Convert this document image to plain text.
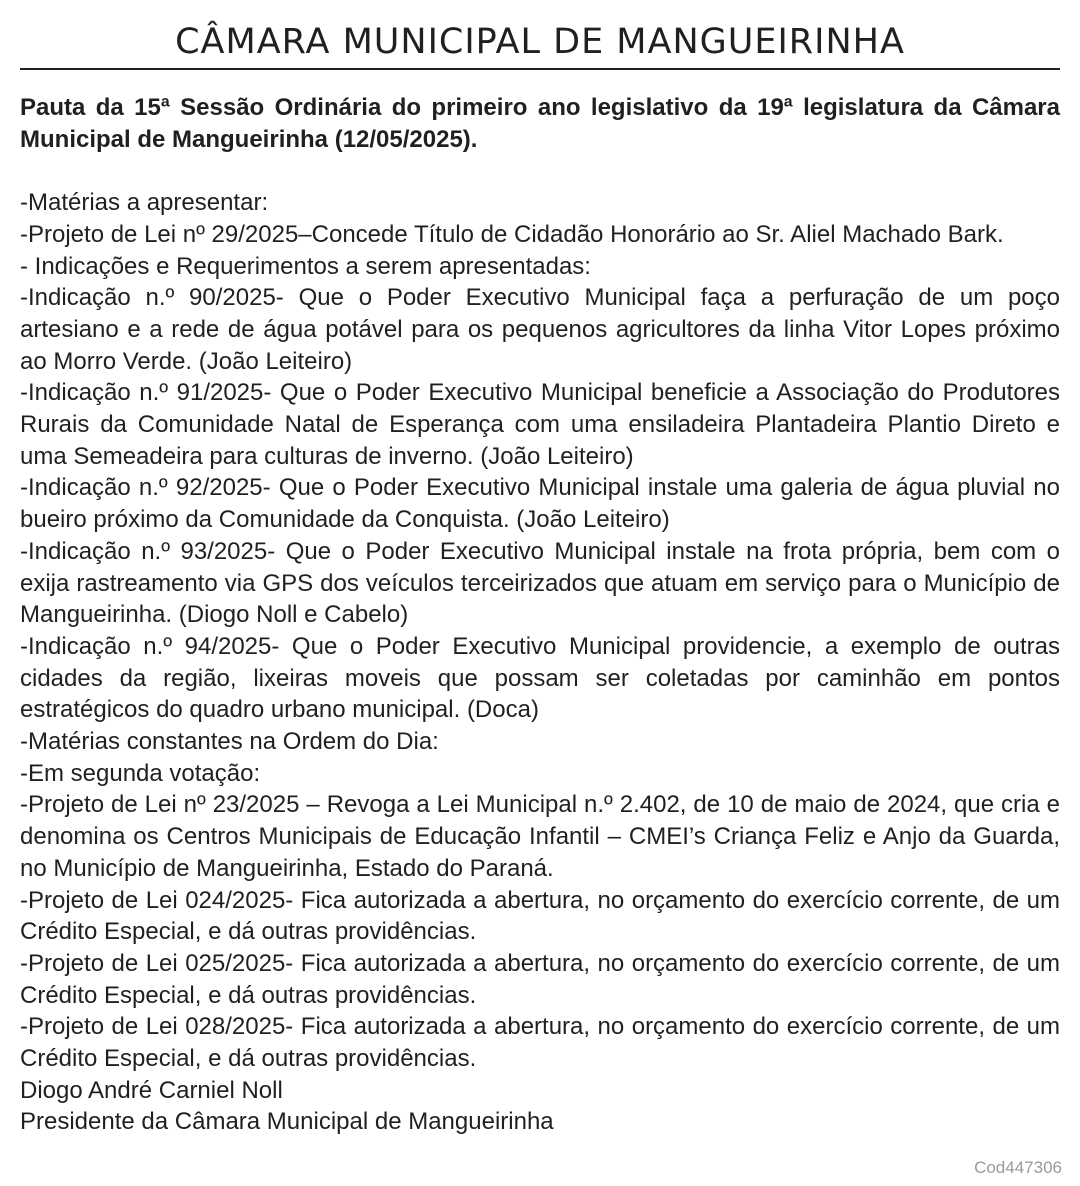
CÂMARA MUNICIPAL DE MANGUEIRINHA

Pauta da 15ª Sessão Ordinária do primeiro ano legislativo da 19ª legislatura da Câmara Municipal de Mangueirinha (12/05/2025).

-Matérias a apresentar:

-Projeto de Lei nº 29/2025–Concede Título de Cidadão Honorário ao Sr. Aliel Machado Bark.

- Indicações e Requerimentos a serem apresentadas:

-Indicação n.º 90/2025- Que o Poder Executivo Municipal faça a perfuração de um poço artesiano e a rede de água potável para os pequenos agricultores da linha Vitor Lopes próximo ao Morro Verde. (João Leiteiro)

-Indicação n.º 91/2025- Que o Poder Executivo Municipal beneficie a Associação do Produtores Rurais da Comunidade Natal de Esperança com uma ensiladeira Plantadeira Plantio Direto e uma Semeadeira para culturas de inverno. (João Leiteiro)

-Indicação n.º 92/2025- Que o Poder Executivo Municipal instale uma galeria de água pluvial no bueiro próximo da Comunidade da Conquista. (João Leiteiro)

-Indicação n.º 93/2025- Que o Poder Executivo Municipal instale na frota própria, bem com o exija rastreamento via GPS dos veículos terceirizados que atuam em serviço para o Município de Mangueirinha. (Diogo Noll e Cabelo)

-Indicação n.º 94/2025- Que o Poder Executivo Municipal providencie, a exemplo de outras cidades da região, lixeiras moveis que possam ser coletadas por caminhão em pontos estratégicos do quadro urbano municipal. (Doca)

-Matérias constantes na Ordem do Dia:

-Em segunda votação:

-Projeto de Lei nº 23/2025 – Revoga a Lei Municipal n.º 2.402, de 10 de maio de 2024, que cria e denomina os Centros Municipais de Educação Infantil – CMEI’s Criança Feliz e Anjo da Guarda, no Município de Mangueirinha, Estado do Paraná.

-Projeto de Lei 024/2025- Fica autorizada a abertura, no orçamento do exercício corrente, de um Crédito Especial, e dá outras providências.

-Projeto de Lei 025/2025- Fica autorizada a abertura, no orçamento do exercício corrente, de um Crédito Especial, e dá outras providências.

-Projeto de Lei 028/2025- Fica autorizada a abertura, no orçamento do exercício corrente, de um Crédito Especial, e dá outras providências.

Diogo André Carniel Noll

Presidente da Câmara Municipal de Mangueirinha

Cod447306
